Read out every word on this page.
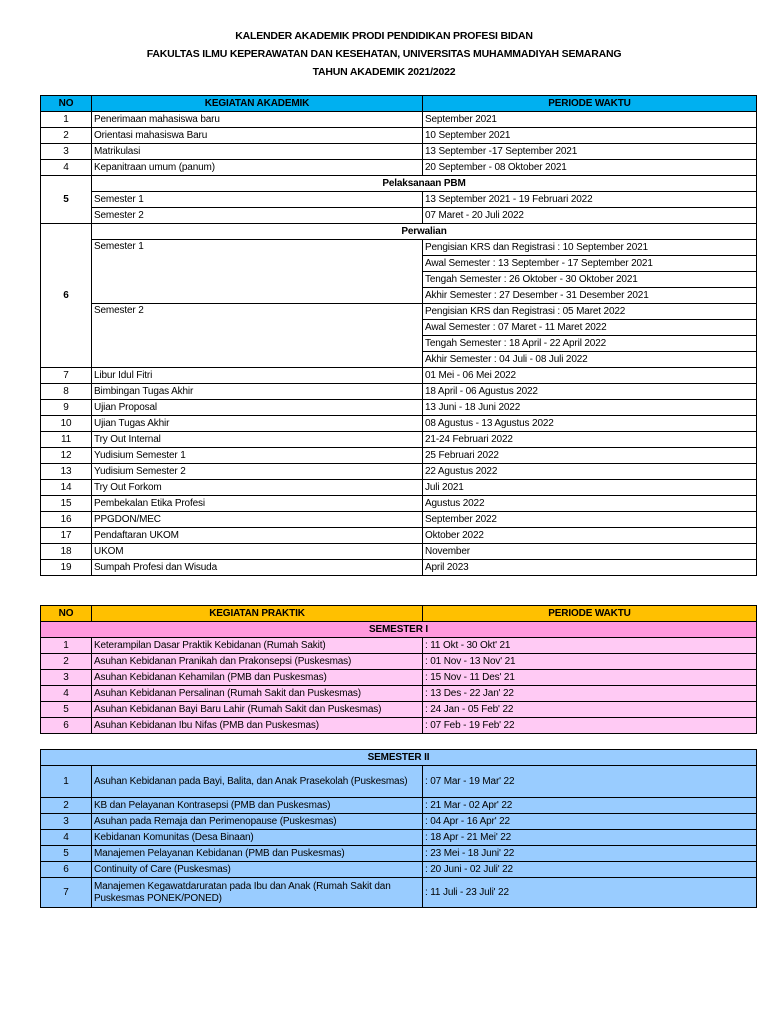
KALENDER AKADEMIK PRODI PENDIDIKAN PROFESI BIDAN
FAKULTAS ILMU KEPERAWATAN DAN KESEHATAN, UNIVERSITAS MUHAMMADIYAH SEMARANG
TAHUN AKADEMIK 2021/2022
NO	KEGIATAN AKADEMIK	PERIODE WAKTU
1	Penerimaan mahasiswa baru	September 2021
2	Orientasi mahasiswa Baru	10 September 2021
3	Matrikulasi	13 September -17 September 2021
4	Kepanitraan umum (panum)	20 September - 08 Oktober 2021
5	Pelaksanaan PBM	
	Semester 1	13 September 2021 - 19 Februari 2022
	Semester 2	07 Maret - 20 Juli 2022
6	Perwalian	
	Semester 1	Pengisian KRS dan Registrasi : 10 September 2021
		Awal Semester : 13 September - 17 September 2021
		Tengah Semester : 26 Oktober - 30 Oktober 2021
		Akhir Semester : 27 Desember - 31 Desember 2021
	Semester 2	Pengisian KRS dan Registrasi : 05 Maret 2022
		Awal Semester : 07 Maret - 11 Maret 2022
		Tengah Semester : 18 April - 22 April 2022
		Akhir Semester : 04 Juli - 08 Juli 2022
7	Libur Idul Fitri	01 Mei - 06 Mei 2022
8	Bimbingan Tugas Akhir	18 April - 06 Agustus 2022
9	Ujian Proposal	13 Juni - 18 Juni 2022
10	Ujian Tugas Akhir	08 Agustus - 13 Agustus 2022
11	Try Out Internal	21-24 Februari 2022
12	Yudisium Semester 1	25 Februari 2022
13	Yudisium Semester 2	22 Agustus 2022
14	Try Out Forkom	Juli 2021
15	Pembekalan Etika Profesi	Agustus 2022
16	PPGDON/MEC	September 2022
17	Pendaftaran UKOM	Oktober 2022
18	UKOM	November
19	Sumpah Profesi dan Wisuda	April 2023
NO	KEGIATAN PRAKTIK	PERIODE WAKTU
SEMESTER I		
1	Keterampilan Dasar Praktik Kebidanan (Rumah Sakit)	: 11 Okt - 30 Okt' 21
2	Asuhan Kebidanan Pranikah dan Prakonsepsi (Puskesmas)	: 01 Nov - 13 Nov' 21
3	Asuhan Kebidanan Kehamilan (PMB dan Puskesmas)	: 15 Nov - 11 Des' 21
4	Asuhan Kebidanan Persalinan (Rumah Sakit dan Puskesmas)	: 13 Des - 22 Jan' 22
5	Asuhan Kebidanan Bayi Baru Lahir (Rumah Sakit dan Puskesmas)	: 24 Jan - 05 Feb' 22
6	Asuhan Kebidanan Ibu Nifas (PMB dan Puskesmas)	: 07 Feb - 19 Feb' 22
SEMESTER II		
1	Asuhan Kebidanan pada Bayi, Balita, dan Anak Prasekolah (Puskesmas)	: 07 Mar - 19 Mar' 22
2	KB dan Pelayanan Kontrasepsi (PMB dan Puskesmas)	: 21 Mar - 02 Apr' 22
3	Asuhan pada Remaja dan Perimenopause (Puskesmas)	: 04 Apr - 16 Apr' 22
4	Kebidanan Komunitas (Desa Binaan)	: 18 Apr - 21 Mei' 22
5	Manajemen Pelayanan Kebidanan (PMB dan Puskesmas)	: 23 Mei - 18 Juni' 22
6	Continuity of Care (Puskesmas)	: 20 Juni - 02 Juli' 22
7	Manajemen Kegawatdaruratan pada Ibu dan Anak (Rumah Sakit dan Puskesmas PONEK/PONED)	: 11 Juli - 23 Juli' 22
